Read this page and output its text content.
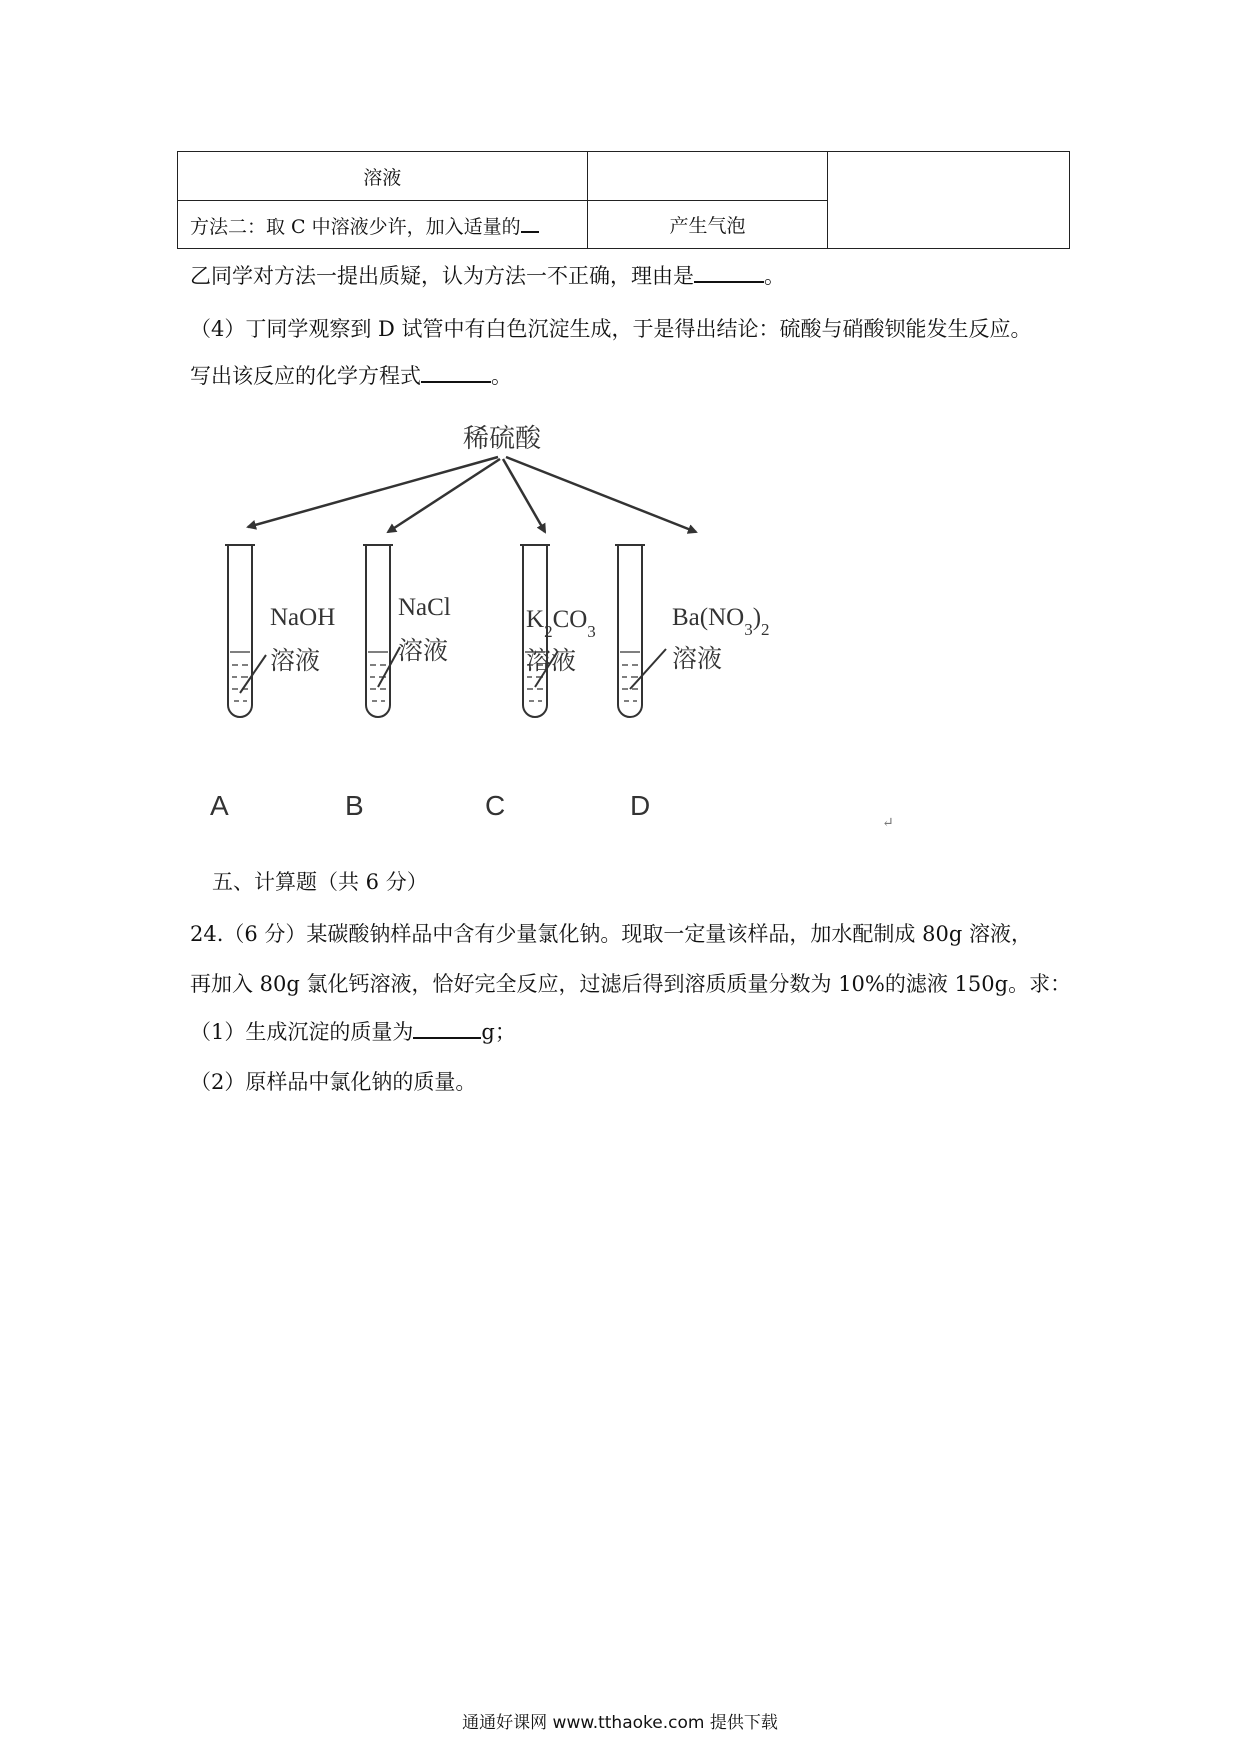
溶液		
方法二：取 C 中溶液少许，加入适量的	产生气泡	
乙同学对方法一提出质疑，认为方法一不正确，理由是	。
（4）丁同学观察到 D 试管中有白色沉淀生成，于是得出结论：硫酸与硝酸钡能发生反应。
写出该反应的化学方程式	。
稀硫酸
NaOH
溶液
A
NaCl
溶液
B
$K_2CO_3$
溶液
C
$Ba(NO_3)_2$
溶液
D
↵
五、计算题（共 6 分）
24.（6 分）某碳酸钠样品中含有少量氯化钠。现取一定量该样品，加水配制成 80g 溶液，
再加入 80g 氯化钙溶液，恰好完全反应，过滤后得到溶质质量分数为 10%的滤液 150g。求：
（1）生成沉淀的质量为	g；
（2）原样品中氯化钠的质量。
通通好课网 www.tthaoke.com 提供下载
